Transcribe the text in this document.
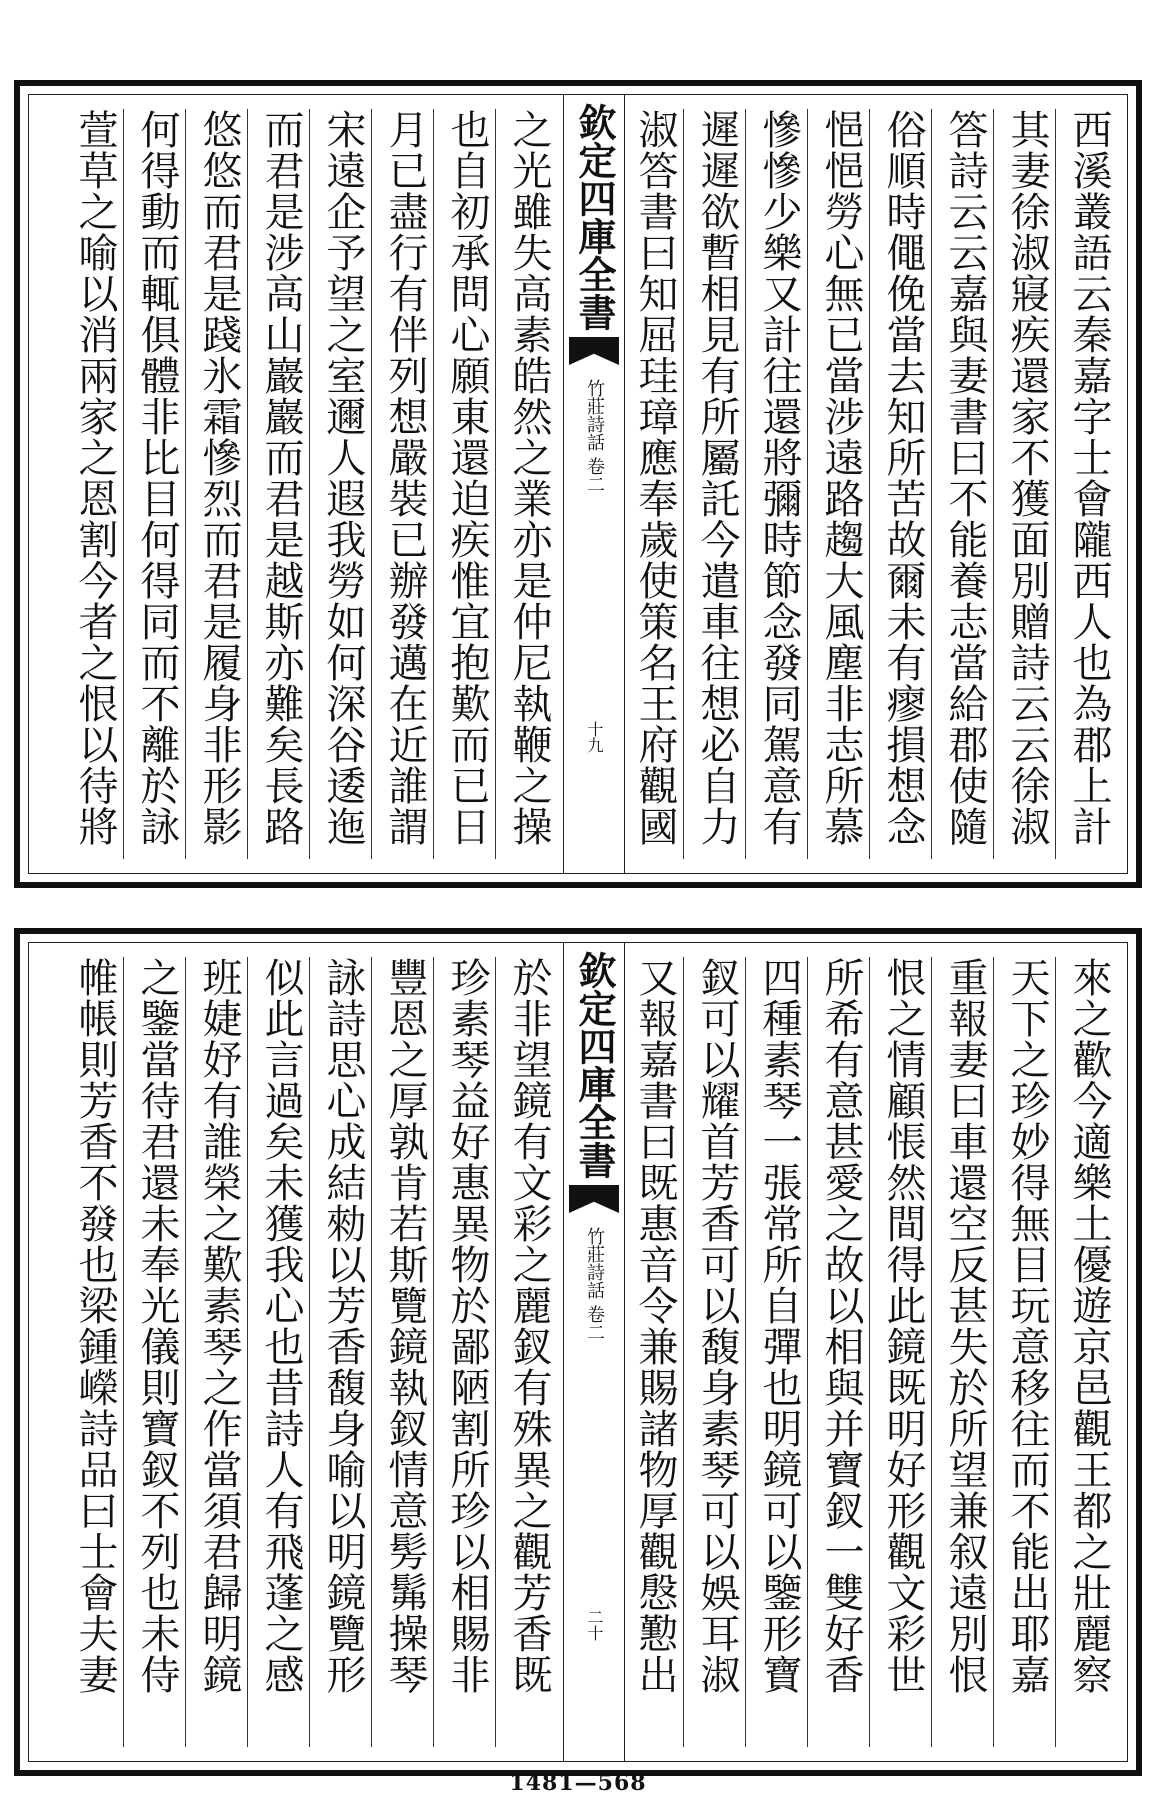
西溪叢語云秦嘉字士會隴西人也為郡上計
其妻徐淑寢疾還家不獲面別贈詩云云徐淑
答詩云云嘉與妻書曰不能養志當給郡使隨
俗順時僶俛當去知所苦故爾未有瘳損想念
悒悒勞心無已當涉遠路趨大風塵非志所慕
慘慘少樂又計往還將彌時節念發同駕意有
遲遲欲暫相見有所屬託今遣車往想必自力
淑答書曰知屈珪璋應奉歲使策名王府觀國
欽定四庫全書
竹莊詩話
卷二
十九
之光雖失高素皓然之業亦是仲尼執鞭之操
也自初承問心願東還迫疾惟宜抱歎而已日
月已盡行有伴列想嚴裝已辦發邁在近誰謂
宋遠企予望之室邇人遐我勞如何深谷逶迤
而君是涉高山巖巖而君是越斯亦難矣長路
悠悠而君是踐氷霜慘烈而君是履身非形影
何得動而輒俱體非比目何得同而不離於詠
萱草之喻以消兩家之恩割今者之恨以待將
來之歡今適樂土優遊京邑觀王都之壯麗察
天下之珍妙得無目玩意移往而不能出耶嘉
重報妻曰車還空反甚失於所望兼叙遠別恨
恨之情顧悵然間得此鏡既明好形觀文彩世
所希有意甚愛之故以相與并寶釵一雙好香
四種素琴一張常所自彈也明鏡可以鑒形寶
釵可以耀首芳香可以馥身素琴可以娛耳淑
又報嘉書曰既惠音令兼賜諸物厚觀慇懃出
欽定四庫全書
竹莊詩話
卷二
二十
於非望鏡有文彩之麗釵有殊異之觀芳香既
珍素琴益好惠異物於鄙陋割所珍以相賜非
豐恩之厚孰肯若斯覽鏡執釵情意髣髴操琴
詠詩思心成結勑以芳香馥身喻以明鏡覽形
似此言過矣未獲我心也昔詩人有飛蓬之感
班婕妤有誰榮之歎素琴之作當須君歸明鏡
之鑒當待君還未奉光儀則寶釵不列也未侍
帷帳則芳香不發也梁鍾嶸詩品曰士會夫妻
1481—568
